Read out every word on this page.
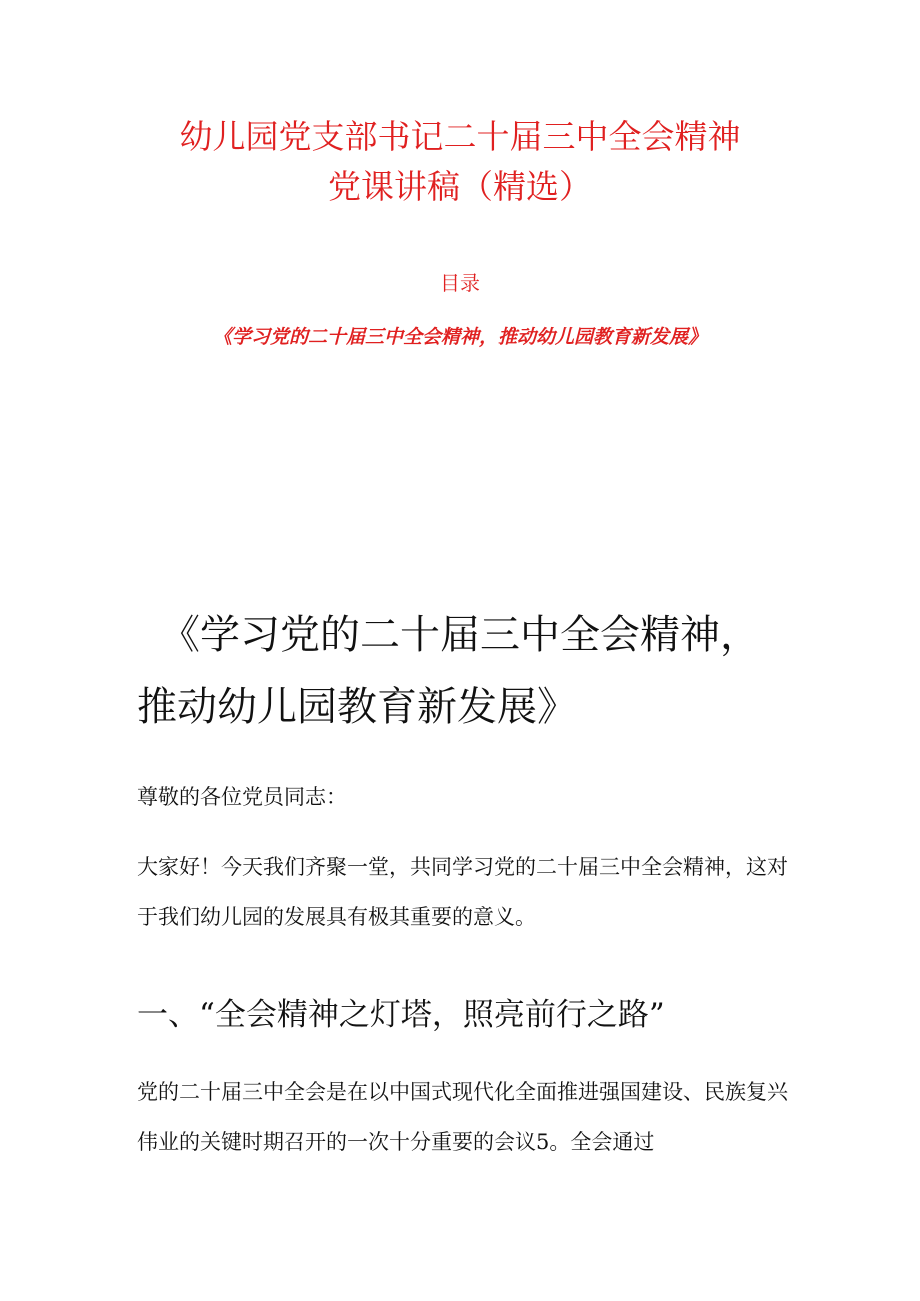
幼儿园党支部书记二十届三中全会精神
党课讲稿（精选）
目录
《学习党的二十届三中全会精神，推动幼儿园教育新发展》
《学习党的二十届三中全会精神，
推动幼儿园教育新发展》
尊敬的各位党员同志：
大家好！今天我们齐聚一堂，共同学习党的二十届三中全会精神，这对于我们幼儿园的发展具有极其重要的意义。
一、“全会精神之灯塔，照亮前行之路”
党的二十届三中全会是在以中国式现代化全面推进强国建设、民族复兴伟业的关键时期召开的一次十分重要的会议5。全会通过
